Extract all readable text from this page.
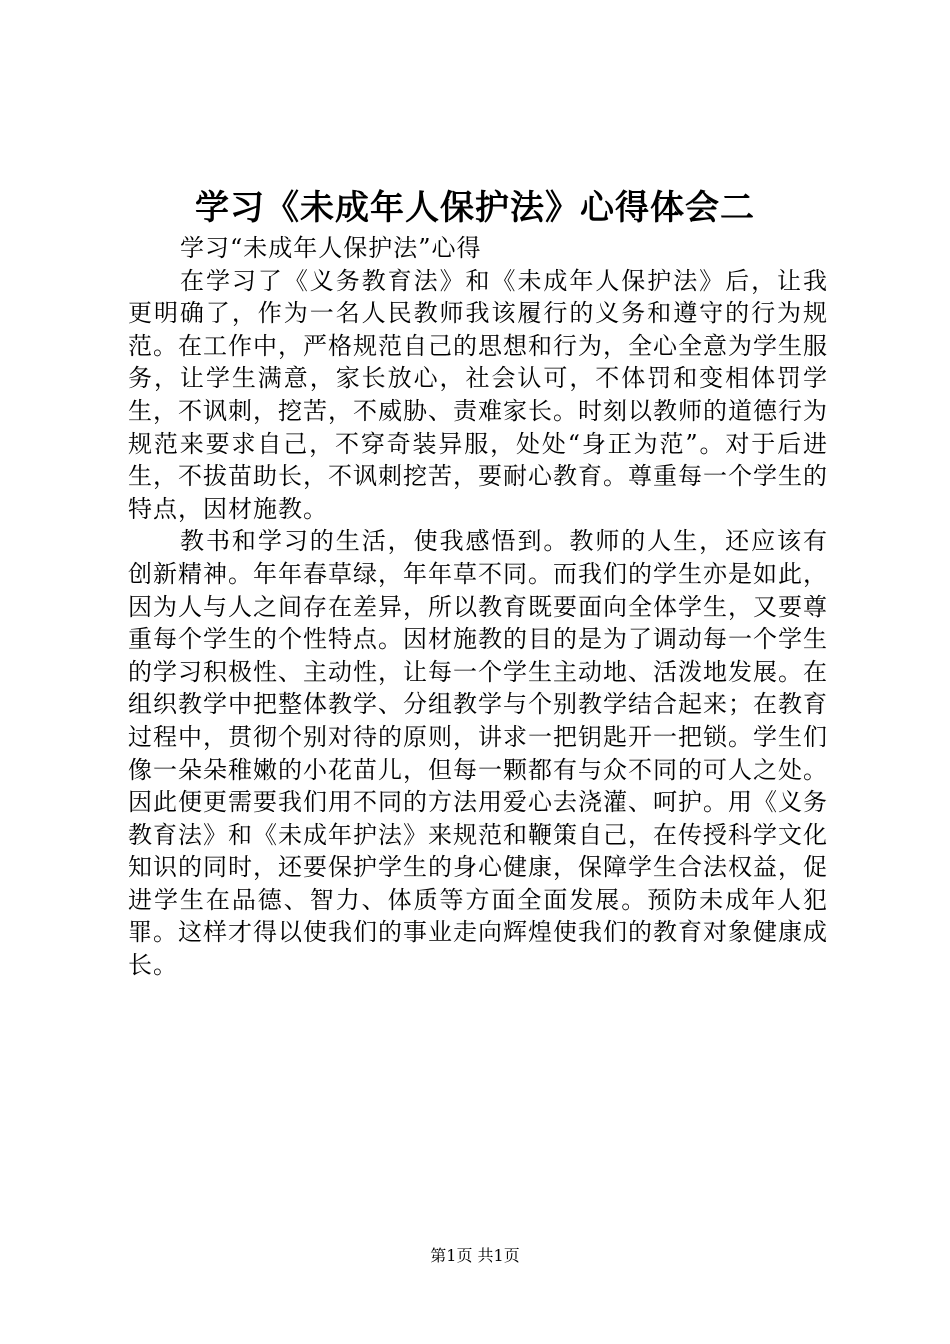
学习《未成年人保护法》心得体会二

学习“未成年人保护法”心得

在学习了《义务教育法》和《未成年人保护法》后，让我更明确了，作为一名人民教师我该履行的义务和遵守的行为规范。在工作中，严格规范自己的思想和行为，全心全意为学生服务，让学生满意，家长放心，社会认可，不体罚和变相体罚学生，不讽刺，挖苦，不威胁、责难家长。时刻以教师的道德行为规范来要求自己，不穿奇装异服，处处“身正为范”。对于后进生，不拔苗助长，不讽刺挖苦，要耐心教育。尊重每一个学生的特点，因材施教。

教书和学习的生活，使我感悟到。教师的人生，还应该有创新精神。年年春草绿，年年草不同。而我们的学生亦是如此，因为人与人之间存在差异，所以教育既要面向全体学生，又要尊重每个学生的个性特点。因材施教的目的是为了调动每一个学生的学习积极性、主动性，让每一个学生主动地、活泼地发展。在组织教学中把整体教学、分组教学与个别教学结合起来；在教育过程中，贯彻个别对待的原则，讲求一把钥匙开一把锁。学生们像一朵朵稚嫩的小花苗儿，但每一颗都有与众不同的可人之处。因此便更需要我们用不同的方法用爱心去浇灌、呵护。用《义务教育法》和《未成年护法》来规范和鞭策自己，在传授科学文化知识的同时，还要保护学生的身心健康，保障学生合法权益，促进学生在品德、智力、体质等方面全面发展。预防未成年人犯罪。这样才得以使我们的事业走向辉煌使我们的教育对象健康成长。

第1页 共1页
